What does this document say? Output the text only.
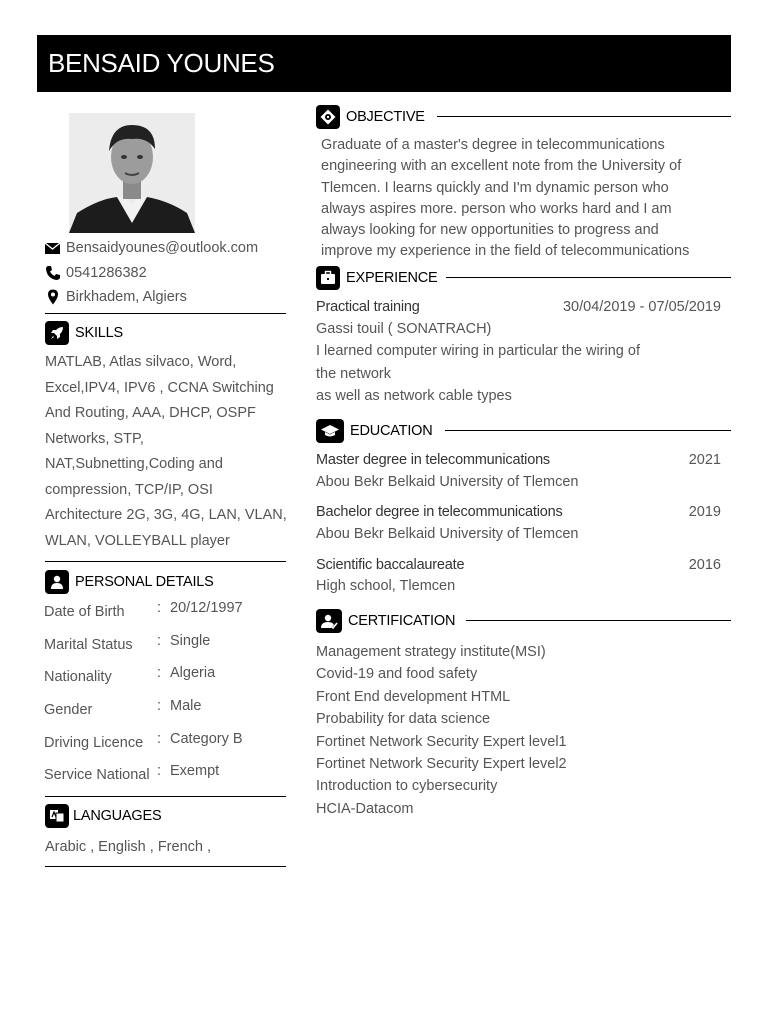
BENSAID YOUNES
Bensaidyounes@outlook.com
0541286382
Birkhadem, Algiers
SKILLS
MATLAB, Atlas silvaco, Word,
Excel,IPV4, IPV6 , CCNA Switching
And Routing, AAA, DHCP, OSPF
Networks, STP,
NAT,Subnetting,Coding and
compression, TCP/IP, OSI
Architecture 2G, 3G, 4G, LAN, VLAN,
WLAN, VOLLEYBALL player
PERSONAL DETAILS
Date of Birth : 20/12/1997
Marital Status : Single
Nationality	: Algeria
Gender	: Male
Driving Licence : Category B
Service National : Exempt
LANGUAGES
Arabic , English , French ,
OBJECTIVE
Graduate of a master's degree in telecommunications
engineering with an excellent note from the University of
Tlemcen. I learns quickly and I'm dynamic person who
always aspires more. person who works hard and I am
always looking for new opportunities to progress and
improve my experience in the field of telecommunications
EXPERIENCE
Practical training	30/04/2019 - 07/05/2019
Gassi touil ( SONATRACH)
I learned computer wiring in particular the wiring of
the network
as well as network cable types
EDUCATION
Master degree in telecommunications	2021
Abou Bekr Belkaid University of Tlemcen
Bachelor degree in telecommunications	2019
Abou Bekr Belkaid University of Tlemcen
Scientific baccalaureate	2016
High school, Tlemcen
CERTIFICATION
Management strategy institute(MSI)
Covid-19 and food safety
Front End development HTML
Probability for data science
Fortinet Network Security Expert level1
Fortinet Network Security Expert level2
Introduction to cybersecurity
HCIA-Datacom
